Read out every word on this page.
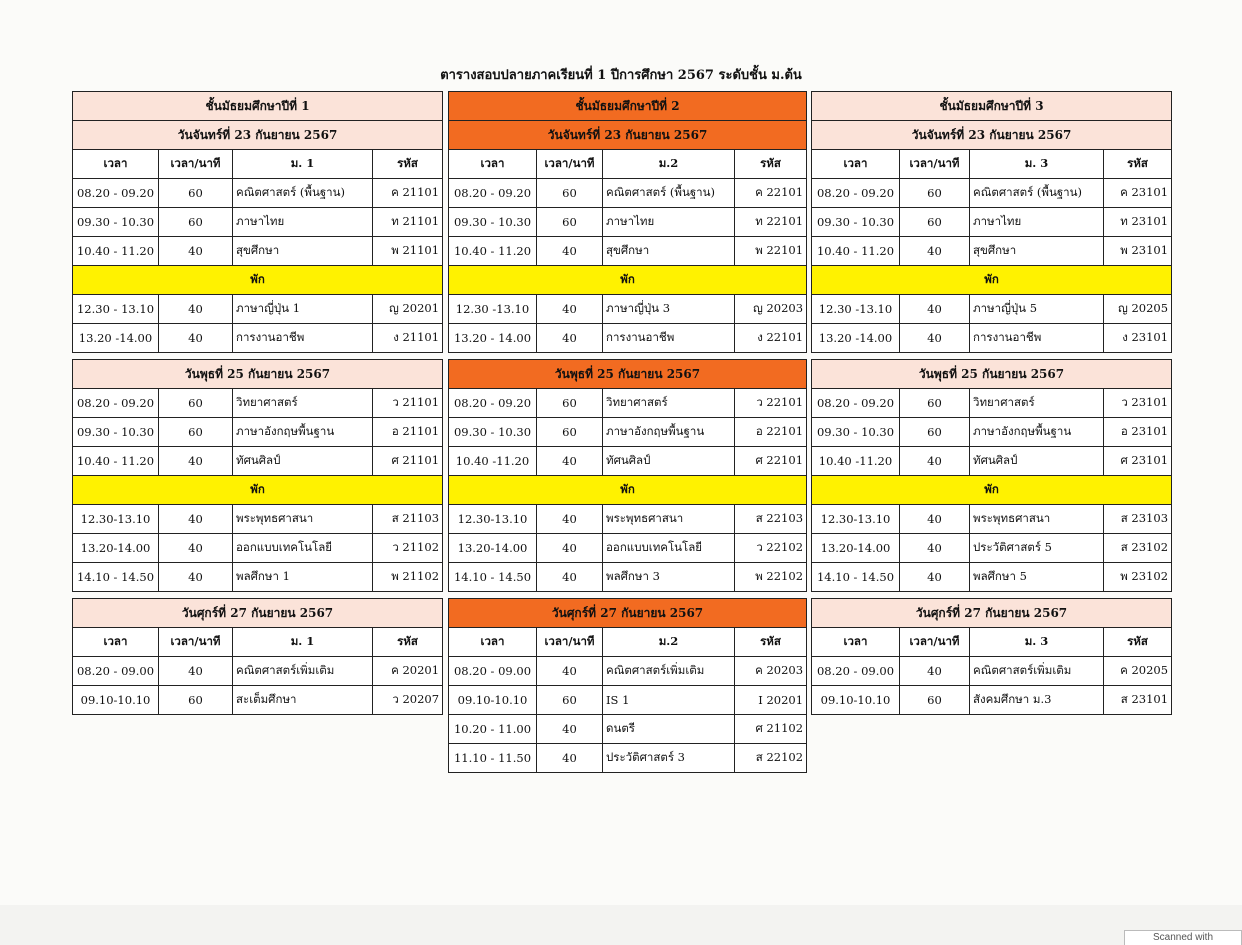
ตารางสอบปลายภาคเรียนที่ 1 ปีการศึกษา 2567 ระดับชั้น ม.ต้น
ชั้นมัธยมศึกษาปีที่ 1			
วันจันทร์ที่ 23 กันยายน 2567			
เวลา	เวลา/นาที	ม. 1	รหัส
08.20 - 09.20	60	คณิตศาสตร์ (พื้นฐาน)	ค 21101
09.30 - 10.30	60	ภาษาไทย	ท 21101
10.40 - 11.20	40	สุขศึกษา	พ 21101
พัก			
12.30 - 13.10	40	ภาษาญี่ปุ่น 1	ญ 20201
13.20 -14.00	40	การงานอาชีพ	ง 21101
วันพุธที่ 25 กันยายน 2567			
08.20 - 09.20	60	วิทยาศาสตร์	ว 21101
09.30 - 10.30	60	ภาษาอังกฤษพื้นฐาน	อ 21101
10.40 - 11.20	40	ทัศนศิลป์	ศ 21101
พัก			
12.30-13.10	40	พระพุทธศาสนา	ส 21103
13.20-14.00	40	ออกแบบเทคโนโลยี	ว 21102
14.10 - 14.50	40	พลศึกษา 1	พ 21102
วันศุกร์ที่ 27 กันยายน 2567			
เวลา	เวลา/นาที	ม. 1	รหัส
08.20 - 09.00	40	คณิตศาสตร์เพิ่มเติม	ค 20201
09.10-10.10	60	สะเต็มศึกษา	ว 20207
ชั้นมัธยมศึกษาปีที่ 2			
วันจันทร์ที่ 23 กันยายน 2567			
เวลา	เวลา/นาที	ม.2	รหัส
08.20 - 09.20	60	คณิตศาสตร์ (พื้นฐาน)	ค 22101
09.30 - 10.30	60	ภาษาไทย	ท 22101
10.40 - 11.20	40	สุขศึกษา	พ 22101
พัก			
12.30 -13.10	40	ภาษาญี่ปุ่น 3	ญ 20203
13.20 - 14.00	40	การงานอาชีพ	ง 22101
วันพุธที่ 25 กันยายน 2567			
08.20 - 09.20	60	วิทยาศาสตร์	ว 22101
09.30 - 10.30	60	ภาษาอังกฤษพื้นฐาน	อ 22101
10.40 -11.20	40	ทัศนศิลป์	ศ 22101
พัก			
12.30-13.10	40	พระพุทธศาสนา	ส 22103
13.20-14.00	40	ออกแบบเทคโนโลยี	ว 22102
14.10 - 14.50	40	พลศึกษา 3	พ 22102
วันศุกร์ที่ 27 กันยายน 2567			
เวลา	เวลา/นาที	ม.2	รหัส
08.20 - 09.00	40	คณิตศาสตร์เพิ่มเติม	ค 20203
09.10-10.10	60	IS 1	I 20201
10.20 - 11.00	40	ดนตรี	ศ 21102
11.10 - 11.50	40	ประวัติศาสตร์ 3	ส 22102
ชั้นมัธยมศึกษาปีที่ 3			
วันจันทร์ที่ 23 กันยายน 2567			
เวลา	เวลา/นาที	ม. 3	รหัส
08.20 - 09.20	60	คณิตศาสตร์ (พื้นฐาน)	ค 23101
09.30 - 10.30	60	ภาษาไทย	ท 23101
10.40 - 11.20	40	สุขศึกษา	พ 23101
พัก			
12.30 -13.10	40	ภาษาญี่ปุ่น 5	ญ 20205
13.20 -14.00	40	การงานอาชีพ	ง 23101
วันพุธที่ 25 กันยายน 2567			
08.20 - 09.20	60	วิทยาศาสตร์	ว 23101
09.30 - 10.30	60	ภาษาอังกฤษพื้นฐาน	อ 23101
10.40 -11.20	40	ทัศนศิลป์	ศ 23101
พัก			
12.30-13.10	40	พระพุทธศาสนา	ส 23103
13.20-14.00	40	ประวัติศาสตร์ 5	ส 23102
14.10 - 14.50	40	พลศึกษา 5	พ 23102
วันศุกร์ที่ 27 กันยายน 2567			
เวลา	เวลา/นาที	ม. 3	รหัส
08.20 - 09.00	40	คณิตศาสตร์เพิ่มเติม	ค 20205
09.10-10.10	60	สังคมศึกษา ม.3	ส 23101
Scanned with
